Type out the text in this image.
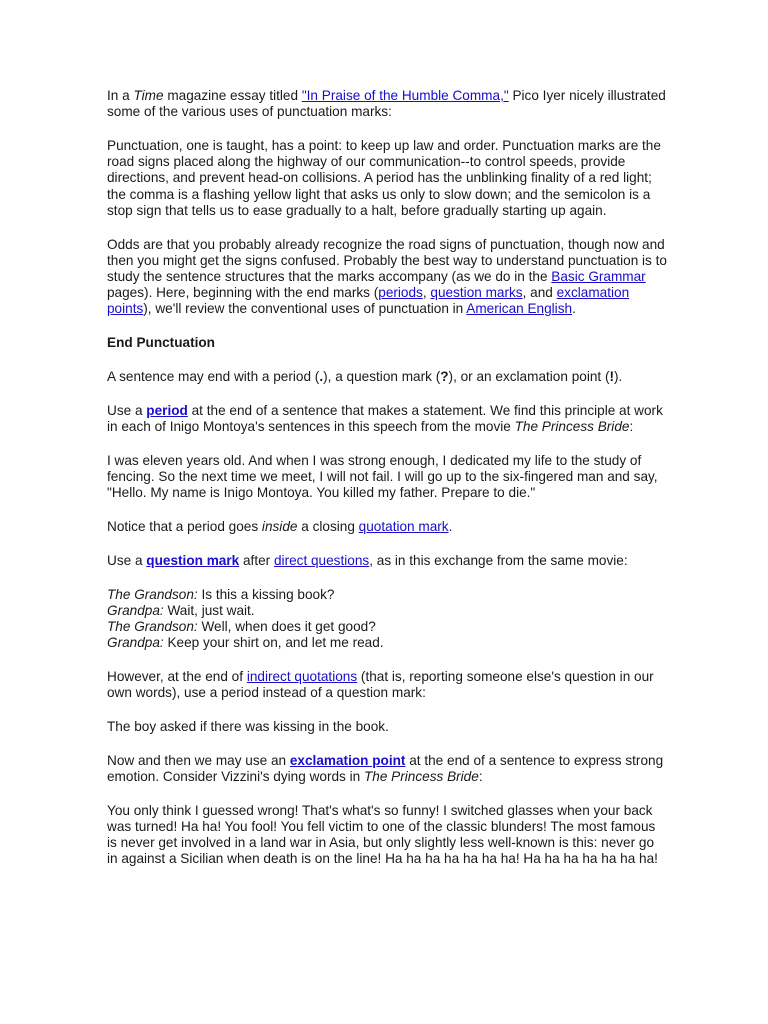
In a Time magazine essay titled "In Praise of the Humble Comma," Pico Iyer nicely illustrated some of the various uses of punctuation marks:

Punctuation, one is taught, has a point: to keep up law and order. Punctuation marks are the road signs placed along the highway of our communication--to control speeds, provide directions, and prevent head-on collisions. A period has the unblinking finality of a red light; the comma is a flashing yellow light that asks us only to slow down; and the semicolon is a stop sign that tells us to ease gradually to a halt, before gradually starting up again.

Odds are that you probably already recognize the road signs of punctuation, though now and then you might get the signs confused. Probably the best way to understand punctuation is to study the sentence structures that the marks accompany (as we do in the Basic Grammar pages). Here, beginning with the end marks (periods, question marks, and exclamation points), we'll review the conventional uses of punctuation in American English.

End Punctuation

A sentence may end with a period (.), a question mark (?), or an exclamation point (!).

Use a period at the end of a sentence that makes a statement. We find this principle at work in each of Inigo Montoya's sentences in this speech from the movie The Princess Bride:

I was eleven years old. And when I was strong enough, I dedicated my life to the study of fencing. So the next time we meet, I will not fail. I will go up to the six-fingered man and say, "Hello. My name is Inigo Montoya. You killed my father. Prepare to die."

Notice that a period goes inside a closing quotation mark.

Use a question mark after direct questions, as in this exchange from the same movie:

The Grandson: Is this a kissing book?
Grandpa: Wait, just wait.
The Grandson: Well, when does it get good?
Grandpa: Keep your shirt on, and let me read.

However, at the end of indirect quotations (that is, reporting someone else's question in our own words), use a period instead of a question mark:

The boy asked if there was kissing in the book.

Now and then we may use an exclamation point at the end of a sentence to express strong emotion. Consider Vizzini's dying words in The Princess Bride:

You only think I guessed wrong! That's what's so funny! I switched glasses when your back was turned! Ha ha! You fool! You fell victim to one of the classic blunders! The most famous is never get involved in a land war in Asia, but only slightly less well-known is this: never go in against a Sicilian when death is on the line! Ha ha ha ha ha ha ha! Ha ha ha ha ha ha ha!
